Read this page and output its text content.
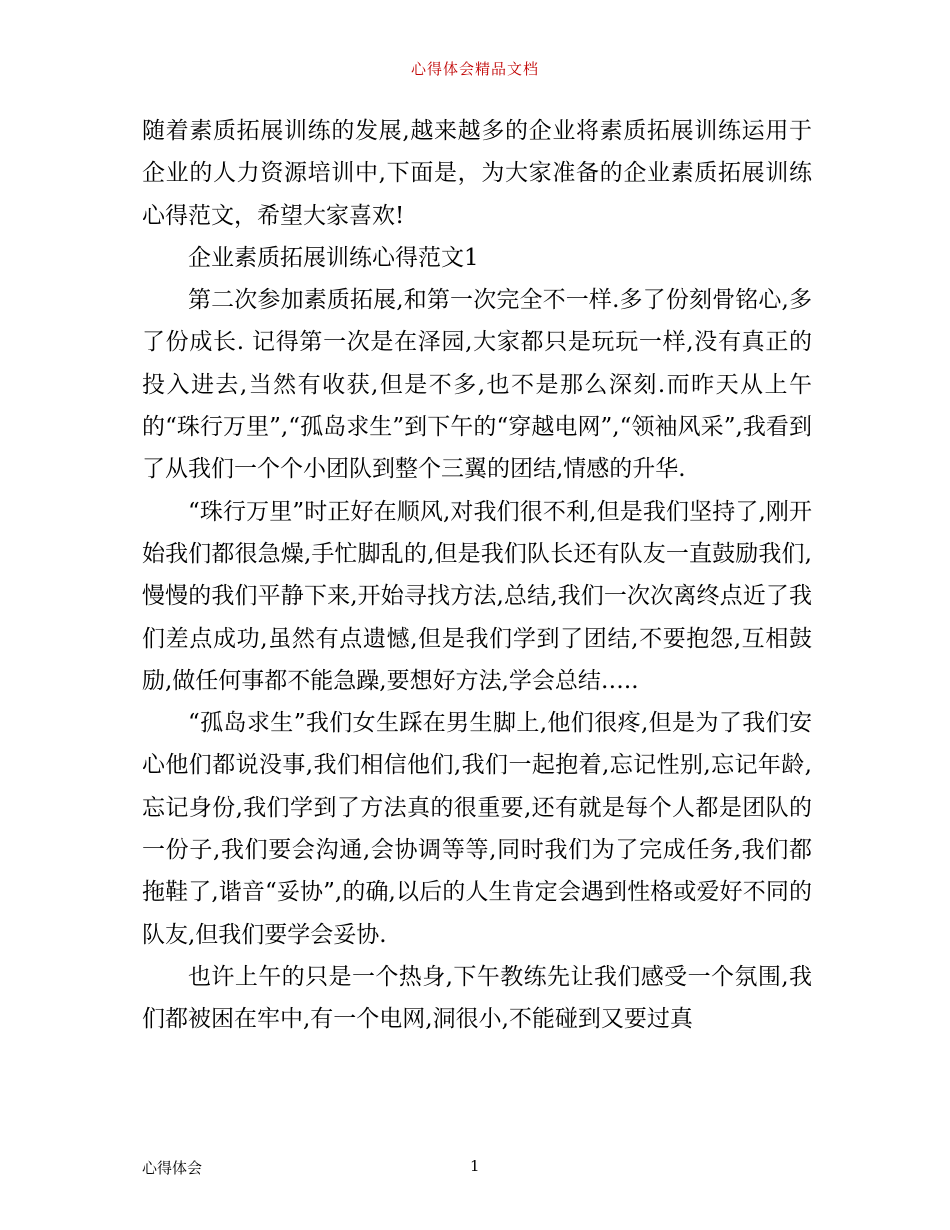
心得体会精品文档

随着素质拓展训练的发展,越来越多的企业将素质拓展训练运用于企业的人力资源培训中,下面是，为大家准备的企业素质拓展训练心得范文，希望大家喜欢!

企业素质拓展训练心得范文1

第二次参加素质拓展,和第一次完全不一样.多了份刻骨铭心,多了份成长. 记得第一次是在泽园,大家都只是玩玩一样,没有真正的投入进去,当然有收获,但是不多,也不是那么深刻.而昨天从上午的“珠行万里”,“孤岛求生”到下午的“穿越电网”,“领袖风采”,我看到了从我们一个个小团队到整个三翼的团结,情感的升华.

“珠行万里”时正好在顺风,对我们很不利,但是我们坚持了,刚开始我们都很急燥,手忙脚乱的,但是我们队长还有队友一直鼓励我们,慢慢的我们平静下来,开始寻找方法,总结,我们一次次离终点近了我们差点成功,虽然有点遗憾,但是我们学到了团结,不要抱怨,互相鼓励,做任何事都不能急躁,要想好方法,学会总结…..

“孤岛求生”我们女生踩在男生脚上,他们很疼,但是为了我们安心他们都说没事,我们相信他们,我们一起抱着,忘记性别,忘记年龄,忘记身份,我们学到了方法真的很重要,还有就是每个人都是团队的一份子,我们要会沟通,会协调等等,同时我们为了完成任务,我们都拖鞋了,谐音“妥协”,的确,以后的人生肯定会遇到性格或爱好不同的队友,但我们要学会妥协.

也许上午的只是一个热身,下午教练先让我们感受一个氛围,我们都被困在牢中,有一个电网,洞很小,不能碰到又要过真

心得体会	1
